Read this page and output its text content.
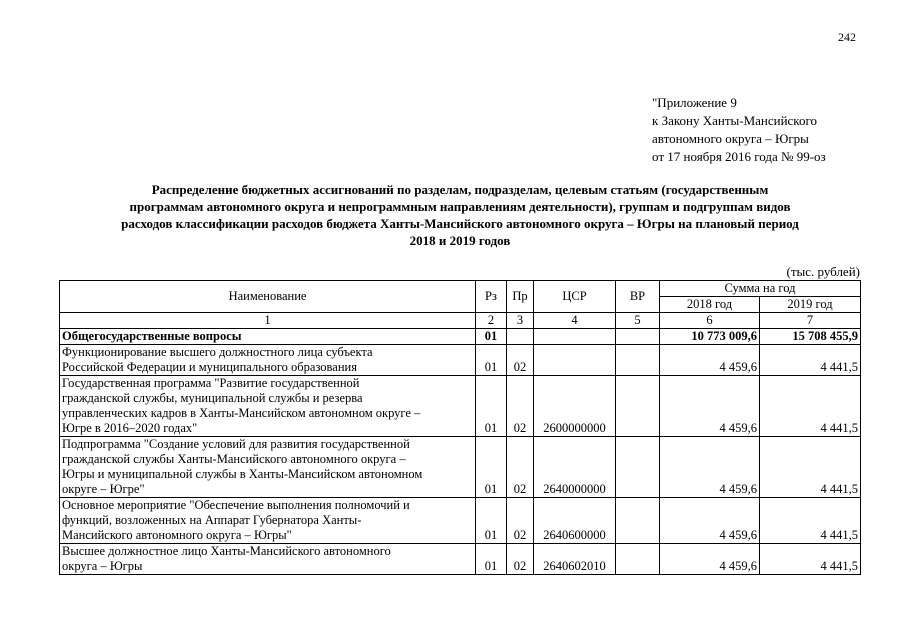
242
"Приложение 9
к Закону Ханты-Мансийского
автономного округа – Югры
от 17 ноября 2016 года № 99-оз
Распределение бюджетных ассигнований по разделам, подразделам, целевым статьям (государственным
программам автономного округа и непрограммным направлениям деятельности), группам и подгруппам видов
расходов классификации расходов бюджета Ханты-Мансийского автономного округа – Югры на плановый период
2018 и 2019 годов
(тыс. рублей)
Наименование	Рз	Пр	ЦСР	ВР	Сумма на год	
					2018 год	2019 год
1	2	3	4	5	6	7

Общегосударственные вопросы	01				10 773 009,6	15 708 455,9

Функционирование высшего должностного лица субъекта
Российской Федерации и муниципального образования	01	02			4 459,6	4 441,5

Государственная программа "Развитие государственной
гражданской службы, муниципальной службы и резерва
управленческих кадров в Ханты-Мансийском автономном округе –
Югре в 2016–2020 годах"	01	02	2600000000		4 459,6	4 441,5

Подпрограмма "Создание условий для развития государственной
гражданской службы Ханты-Мансийского автономного округа –
Югры и муниципальной службы в Ханты-Мансийском автономном
округе – Югре"	01	02	2640000000		4 459,6	4 441,5

Основное мероприятие "Обеспечение выполнения полномочий и
функций, возложенных на Аппарат Губернатора Ханты-
Мансийского автономного округа – Югры"	01	02	2640600000		4 459,6	4 441,5

Высшее должностное лицо Ханты-Мансийского автономного
округа – Югры	01	02	2640602010		4 459,6	4 441,5
